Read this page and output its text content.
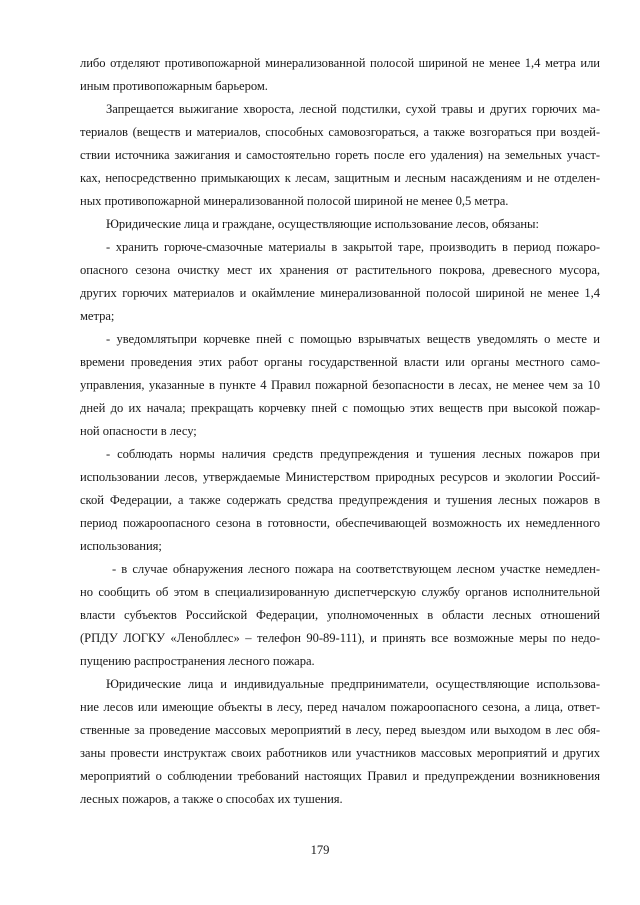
либо отделяют противопожарной минерализованной полосой шириной не менее 1,4 метра или
иным противопожарным барьером.
Запрещается выжигание хвороста, лесной подстилки, сухой травы и других горючих ма-
териалов (веществ и материалов, способных самовозгораться, а также возгораться при воздей-
ствии источника зажигания и самостоятельно гореть после его удаления) на земельных участ-
ках, непосредственно примыкающих к лесам, защитным и лесным насаждениям и не отделен-
ных противопожарной минерализованной полосой шириной не менее 0,5 метра.
Юридические лица и граждане, осуществляющие использование лесов, обязаны:
- хранить горюче-смазочные материалы в закрытой таре, производить в период пожаро-
опасного сезона очистку мест их хранения от растительного покрова, древесного мусора,
других горючих материалов и окаймление минерализованной полосой шириной не менее 1,4
метра;
- уведомлятьпри корчевке пней с помощью взрывчатых веществ уведомлять о месте и
времени проведения этих работ органы государственной власти или органы местного само-
управления, указанные в пункте 4 Правил пожарной безопасности в лесах, не менее чем за 10
дней до их начала; прекращать корчевку пней с помощью этих веществ при высокой пожар-
ной опасности в лесу;
- соблюдать нормы наличия средств предупреждения и тушения лесных пожаров при
использовании лесов, утверждаемые Министерством природных ресурсов и экологии Россий-
ской Федерации, а также содержать средства предупреждения и тушения лесных пожаров в
период пожароопасного сезона в готовности, обеспечивающей возможность их немедленного
использования;
- в случае обнаружения лесного пожара на соответствующем лесном участке немедлен-
но сообщить об этом в специализированную диспетчерскую службу органов исполнительной
власти субъектов Российской Федерации, уполномоченных в области лесных отношений
(РПДУ ЛОГКУ «Ленобллес» – телефон 90-89-111), и принять все возможные меры по недо-
пущению распространения лесного пожара.
Юридические лица и индивидуальные предприниматели, осуществляющие использова-
ние лесов или имеющие объекты в лесу, перед началом пожароопасного сезона, а лица, ответ-
ственные за проведение массовых мероприятий в лесу, перед выездом или выходом в лес обя-
заны провести инструктаж своих работников или участников массовых мероприятий и других
мероприятий о соблюдении требований настоящих Правил и предупреждении возникновения
лесных пожаров, а также о способах их тушения.
179
